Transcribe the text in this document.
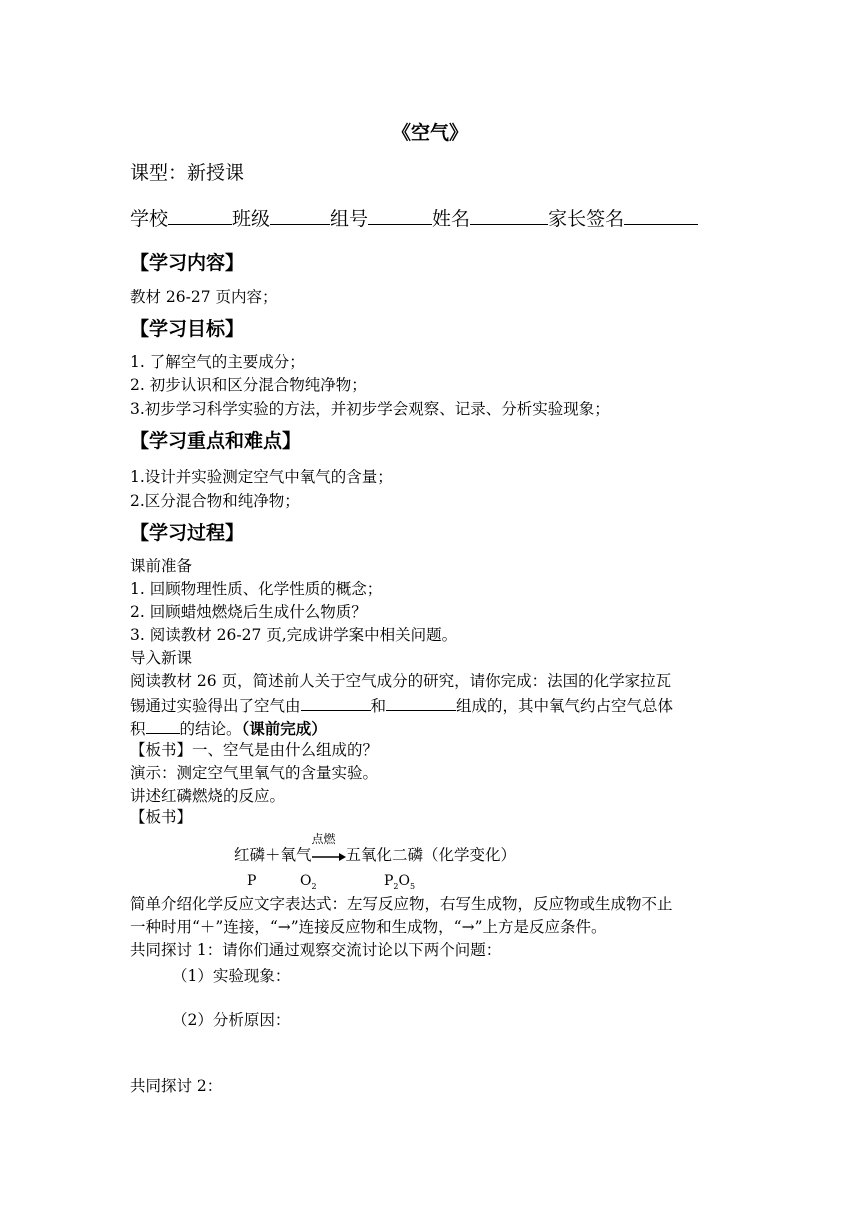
《空气》
课型：新授课
学校	班级	组号	姓名	家长签名
【学习内容】
教材 26-27 页内容；
【学习目标】
1. 了解空气的主要成分；
2. 初步认识和区分混合物纯净物；
3.初步学习科学实验的方法，并初步学会观察、记录、分析实验现象；
【学习重点和难点】
1.设计并实验测定空气中氧气的含量；
2.区分混合物和纯净物；
【学习过程】
课前准备
1. 回顾物理性质、化学性质的概念；
2. 回顾蜡烛燃烧后生成什么物质？
3. 阅读教材 26-27 页,完成讲学案中相关问题。
导入新课
阅读教材 26 页，简述前人关于空气成分的研究，请你完成：法国的化学家拉瓦
锡通过实验得出了空气由	和	组成的，其中氧气约占空气总体
积 的结论。（课前完成）
【板书】一、空气是由什么组成的？
演示：测定空气里氧气的含量实验。
讲述红磷燃烧的反应。
【板书】
红磷＋氧气
点燃
五氧化二磷（化学变化）
P	$O_2$	$P_2O_5$
简单介绍化学反应文字表达式：左写反应物，右写生成物，反应物或生成物不止
一种时用“＋”连接，“→”连接反应物和生成物，“→”上方是反应条件。
共同探讨 1：请你们通过观察交流讨论以下两个问题：
（1）实验现象：
（2）分析原因：
共同探讨 2：
